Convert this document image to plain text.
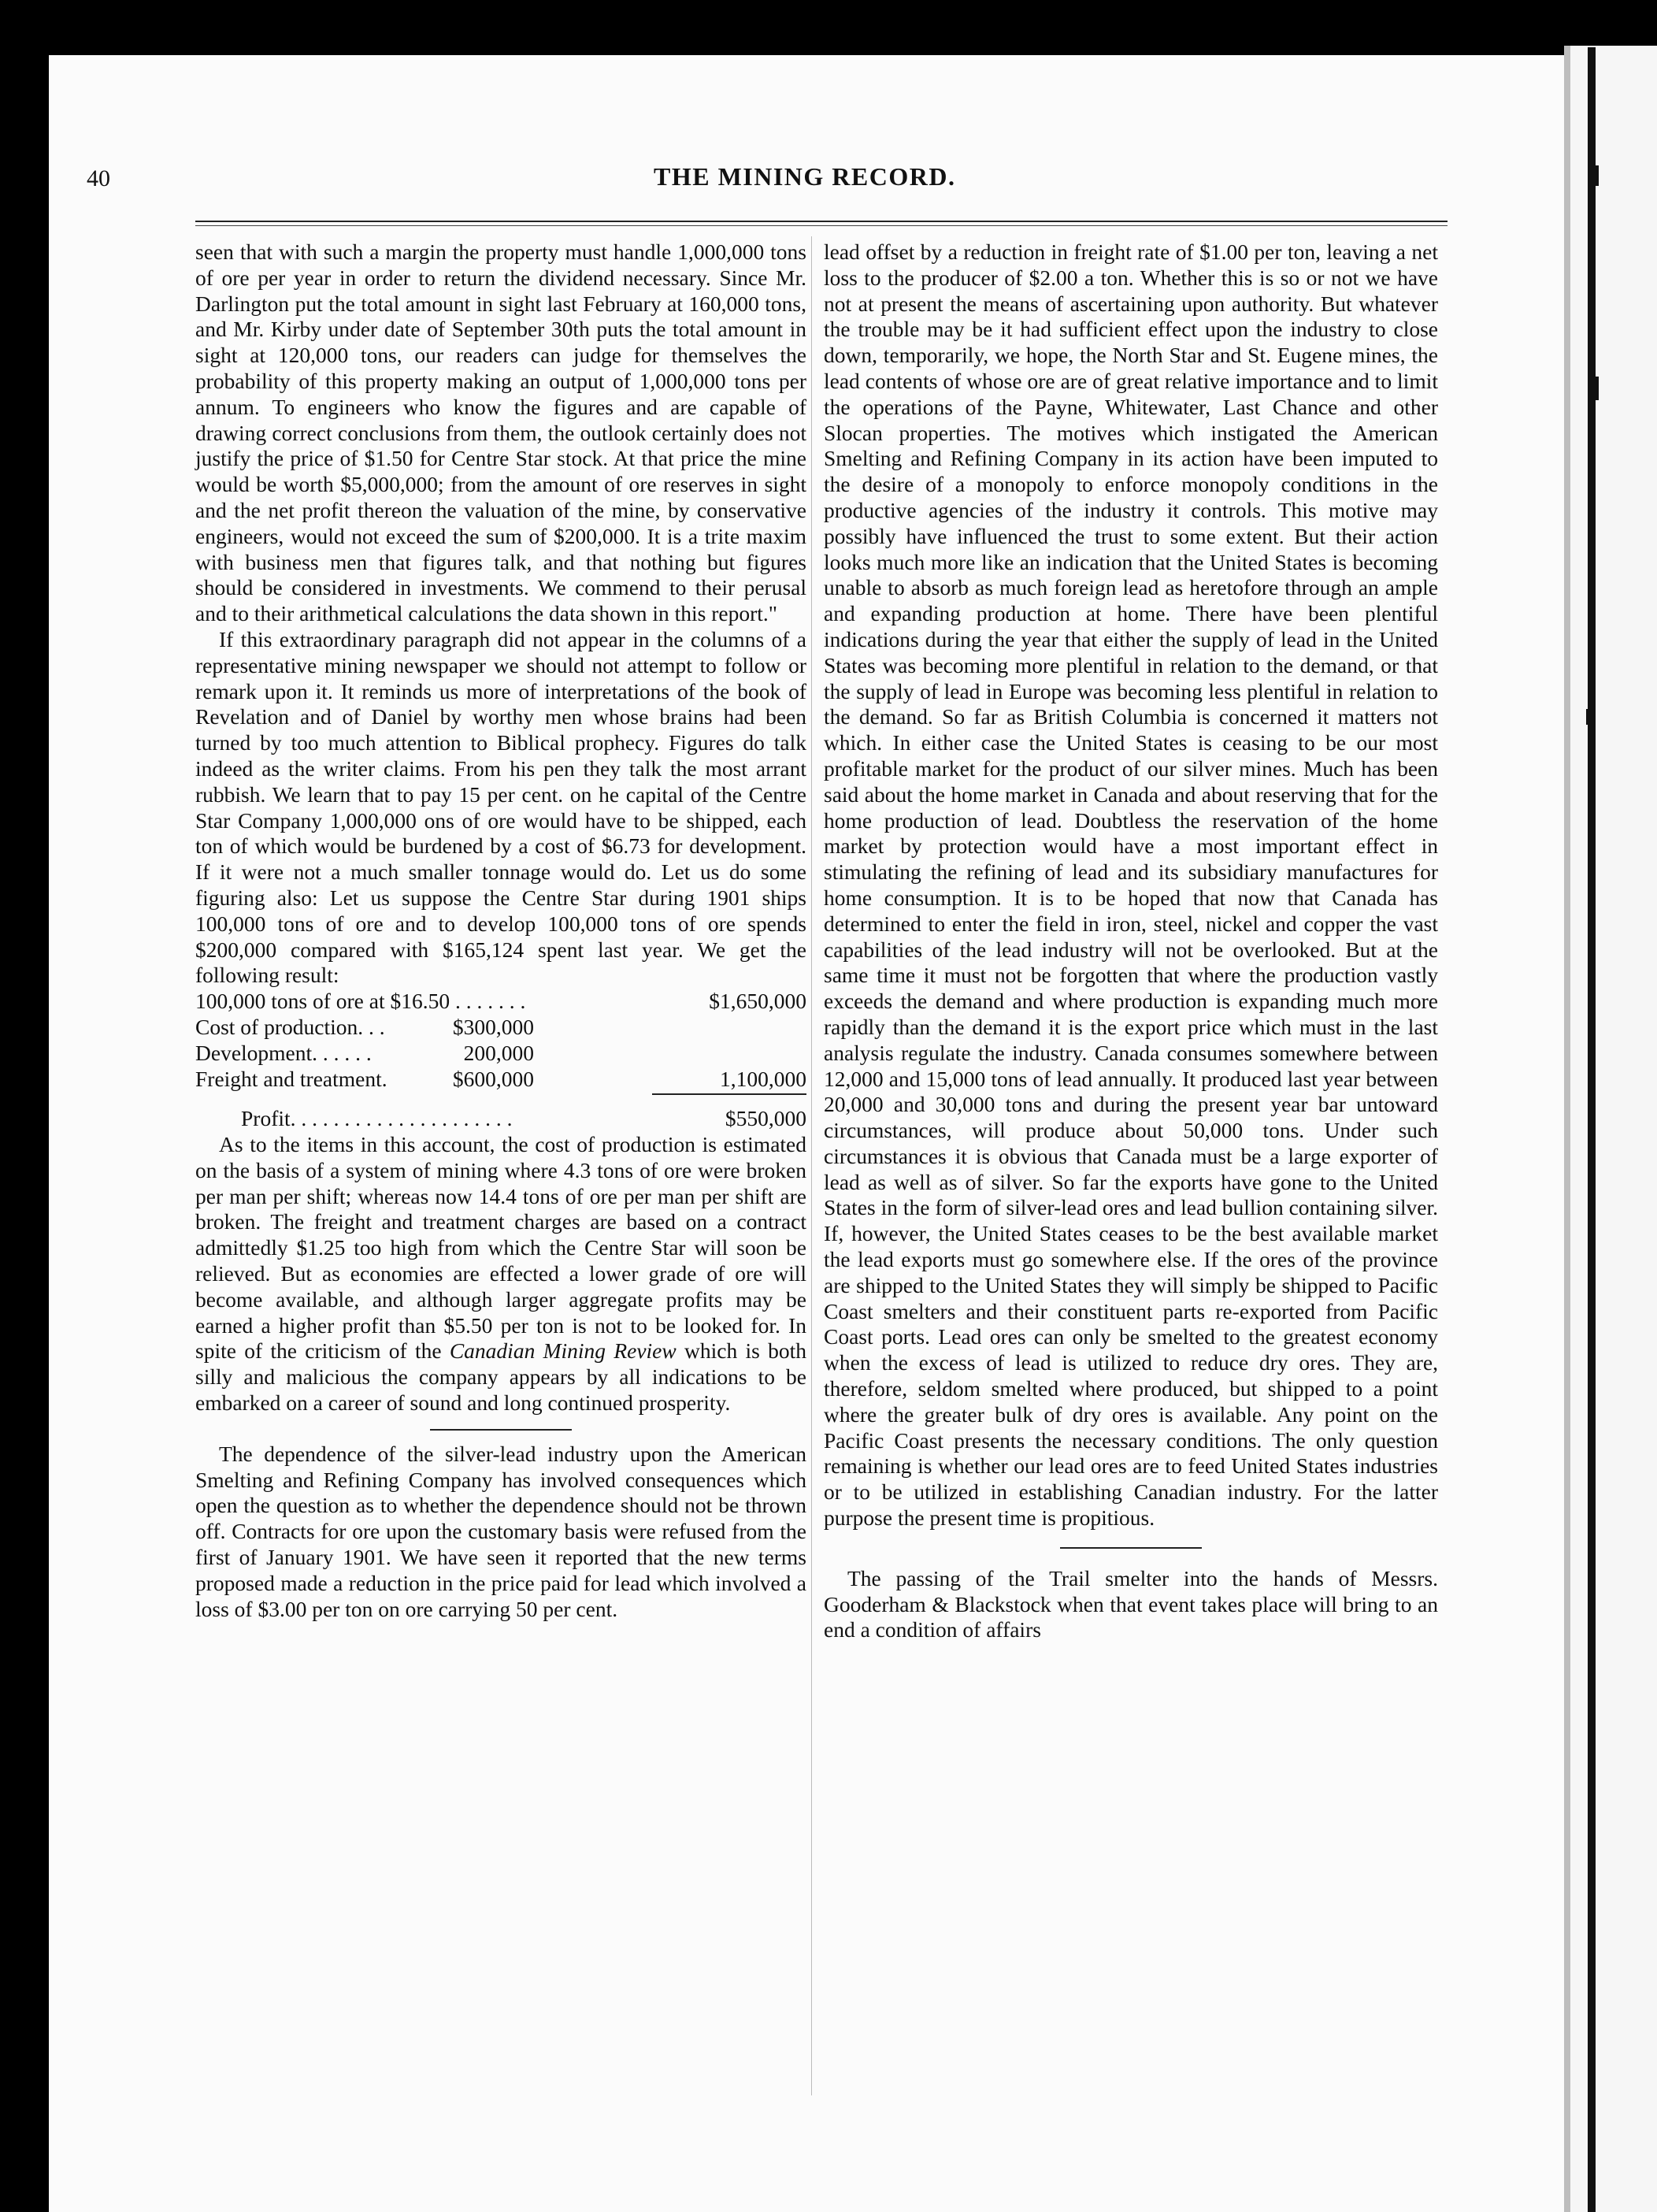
40	THE MINING RECORD.

seen that with such a margin the property must handle 1,000,000 tons of ore per year in order to return the dividend necessary. Since Mr. Darlington put the total amount in sight last February at 160,000 tons, and Mr. Kirby under date of September 30th puts the total amount in sight at 120,000 tons, our readers can judge for themselves the probability of this property making an output of 1,000,000 tons per annum. To engineers who know the figures and are capable of drawing correct conclusions from them, the outlook certainly does not justify the price of $1.50 for Centre Star stock. At that price the mine would be worth $5,000,000; from the amount of ore reserves in sight and the net profit thereon the valuation of the mine, by conservative engineers, would not exceed the sum of $200,000. It is a trite maxim with business men that figures talk, and that nothing but figures should be considered in investments. We commend to their perusal and to their arithmetical calculations the data shown in this report."

If this extraordinary paragraph did not appear in the columns of a representative mining newspaper we should not attempt to follow or remark upon it. It reminds us more of interpretations of the book of Revelation and of Daniel by worthy men whose brains had been turned by too much attention to Biblical prophecy. Figures do talk indeed as the writer claims. From his pen they talk the most arrant rubbish. We learn that to pay 15 per cent. on he capital of the Centre Star Company 1,000,000 ons of ore would have to be shipped, each ton of which would be burdened by a cost of $6.73 for development. If it were not a much smaller tonnage would do. Let us do some figuring also: Let us suppose the Centre Star during 1901 ships 100,000 tons of ore and to develop 100,000 tons of ore spends $200,000 compared with $165,124 spent last year. We get the following result:

100,000 tons of ore at $16.50 . . . . . . .	$1,650,000
Cost of production. . .	$300,000
Development. . . . . .	200,000
Freight and treatment.	$600,000	1,100,000
Profit. . . . . . . . . . . . . . . . . . . . .	$550,000

As to the items in this account, the cost of production is estimated on the basis of a system of mining where 4.3 tons of ore were broken per man per shift; whereas now 14.4 tons of ore per man per shift are broken. The freight and treatment charges are based on a contract admittedly $1.25 too high from which the Centre Star will soon be relieved. But as economies are effected a lower grade of ore will become available, and although larger aggregate profits may be earned a higher profit than $5.50 per ton is not to be looked for. In spite of the criticism of the Canadian Mining Review which is both silly and malicious the company appears by all indications to be embarked on a career of sound and long continued prosperity.

The dependence of the silver-lead industry upon the American Smelting and Refining Company has involved consequences which open the question as to whether the dependence should not be thrown off. Contracts for ore upon the customary basis were refused from the first of January 1901. We have seen it reported that the new terms proposed made a reduction in the price paid for lead which involved a loss of $3.00 per ton on ore carrying 50 per cent.

lead offset by a reduction in freight rate of $1.00 per ton, leaving a net loss to the producer of $2.00 a ton. Whether this is so or not we have not at present the means of ascertaining upon authority. But whatever the trouble may be it had sufficient effect upon the industry to close down, temporarily, we hope, the North Star and St. Eugene mines, the lead contents of whose ore are of great relative importance and to limit the operations of the Payne, Whitewater, Last Chance and other Slocan properties. The motives which instigated the American Smelting and Refining Company in its action have been imputed to the desire of a monopoly to enforce monopoly conditions in the productive agencies of the industry it controls. This motive may possibly have influenced the trust to some extent. But their action looks much more like an indication that the United States is becoming unable to absorb as much foreign lead as heretofore through an ample and expanding production at home. There have been plentiful indications during the year that either the supply of lead in the United States was becoming more plentiful in relation to the demand, or that the supply of lead in Europe was becoming less plentiful in relation to the demand. So far as British Columbia is concerned it matters not which. In either case the United States is ceasing to be our most profitable market for the product of our silver mines. Much has been said about the home market in Canada and about reserving that for the home production of lead. Doubtless the reservation of the home market by protection would have a most important effect in stimulating the refining of lead and its subsidiary manufactures for home consumption. It is to be hoped that now that Canada has determined to enter the field in iron, steel, nickel and copper the vast capabilities of the lead industry will not be overlooked. But at the same time it must not be forgotten that where the production vastly exceeds the demand and where production is expanding much more rapidly than the demand it is the export price which must in the last analysis regulate the industry. Canada consumes somewhere between 12,000 and 15,000 tons of lead annually. It produced last year between 20,000 and 30,000 tons and during the present year bar untoward circumstances, will produce about 50,000 tons. Under such circumstances it is obvious that Canada must be a large exporter of lead as well as of silver. So far the exports have gone to the United States in the form of silver-lead ores and lead bullion containing silver. If, however, the United States ceases to be the best available market the lead exports must go somewhere else. If the ores of the province are shipped to the United States they will simply be shipped to Pacific Coast smelters and their constituent parts re-exported from Pacific Coast ports. Lead ores can only be smelted to the greatest economy when the excess of lead is utilized to reduce dry ores. They are, therefore, seldom smelted where produced, but shipped to a point where the greater bulk of dry ores is available. Any point on the Pacific Coast presents the necessary conditions. The only question remaining is whether our lead ores are to feed United States industries or to be utilized in establishing Canadian industry. For the latter purpose the present time is propitious.

The passing of the Trail smelter into the hands of Messrs. Gooderham & Blackstock when that event takes place will bring to an end a condition of affairs
